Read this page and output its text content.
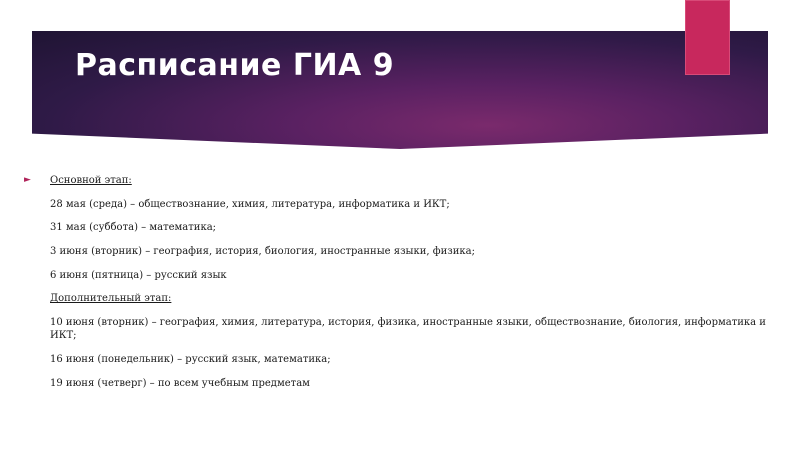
Расписание ГИА 9
► Основной этап:

28 мая (среда) – обществознание, химия, литература, информатика и ИКТ;

31 мая (суббота) – математика;

3 июня (вторник) – география, история, биология, иностранные языки, физика;

6 июня (пятница) – русский язык

Дополнительный этап:

10 июня (вторник) – география, химия, литература, история, физика, иностранные языки, обществознание, биология, информатика и ИКТ;

16 июня (понедельник) – русский язык, математика;

19 июня (четверг) – по всем учебным предметам
